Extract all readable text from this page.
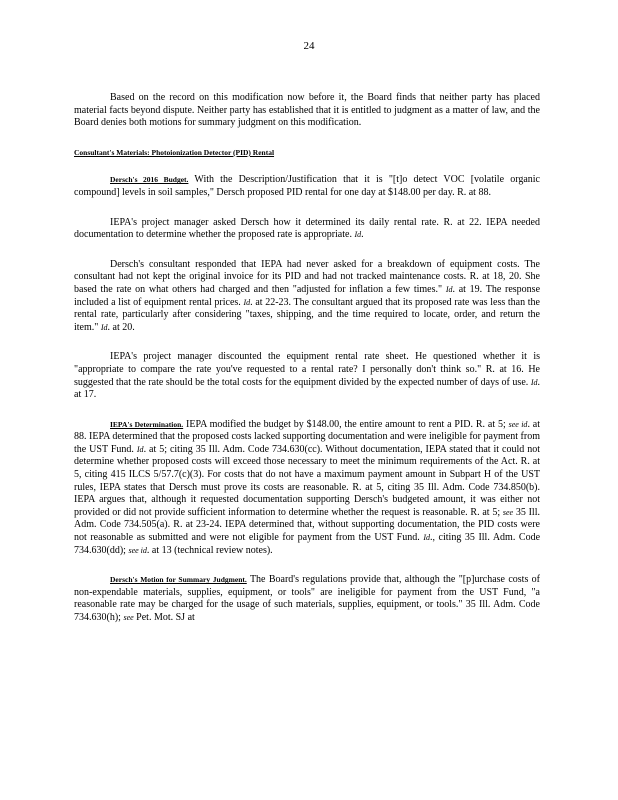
24

Based on the record on this modification now before it, the Board finds that neither party has placed material facts beyond dispute. Neither party has established that it is entitled to judgment as a matter of law, and the Board denies both motions for summary judgment on this modification.

Consultant's Materials: Photoionization Detector (PID) Rental

Dersch's 2016 Budget. With the Description/Justification that it is "[t]o detect VOC [volatile organic compound] levels in soil samples," Dersch proposed PID rental for one day at $148.00 per day. R. at 88.

IEPA's project manager asked Dersch how it determined its daily rental rate. R. at 22. IEPA needed documentation to determine whether the proposed rate is appropriate. Id.

Dersch's consultant responded that IEPA had never asked for a breakdown of equipment costs. The consultant had not kept the original invoice for its PID and had not tracked maintenance costs. R. at 18, 20. She based the rate on what others had charged and then "adjusted for inflation a few times." Id. at 19. The response included a list of equipment rental prices. Id. at 22-23. The consultant argued that its proposed rate was less than the rental rate, particularly after considering "taxes, shipping, and the time required to locate, order, and return the item." Id. at 20.

IEPA's project manager discounted the equipment rental rate sheet. He questioned whether it is "appropriate to compare the rate you've requested to a rental rate? I personally don't think so." R. at 16. He suggested that the rate should be the total costs for the equipment divided by the expected number of days of use. Id. at 17.

IEPA's Determination. IEPA modified the budget by $148.00, the entire amount to rent a PID. R. at 5; see id. at 88. IEPA determined that the proposed costs lacked supporting documentation and were ineligible for payment from the UST Fund. Id. at 5; citing 35 Ill. Adm. Code 734.630(cc). Without documentation, IEPA stated that it could not determine whether proposed costs will exceed those necessary to meet the minimum requirements of the Act. R. at 5, citing 415 ILCS 5/57.7(c)(3). For costs that do not have a maximum payment amount in Subpart H of the UST rules, IEPA states that Dersch must prove its costs are reasonable. R. at 5, citing 35 Ill. Adm. Code 734.850(b). IEPA argues that, although it requested documentation supporting Dersch's budgeted amount, it was either not provided or did not provide sufficient information to determine whether the request is reasonable. R. at 5; see 35 Ill. Adm. Code 734.505(a). R. at 23-24. IEPA determined that, without supporting documentation, the PID costs were not reasonable as submitted and were not eligible for payment from the UST Fund. Id., citing 35 Ill. Adm. Code 734.630(dd); see id. at 13 (technical review notes).

Dersch's Motion for Summary Judgment. The Board's regulations provide that, although the "[p]urchase costs of non-expendable materials, supplies, equipment, or tools" are ineligible for payment from the UST Fund, "a reasonable rate may be charged for the usage of such materials, supplies, equipment, or tools." 35 Ill. Adm. Code 734.630(h); see Pet. Mot. SJ at
